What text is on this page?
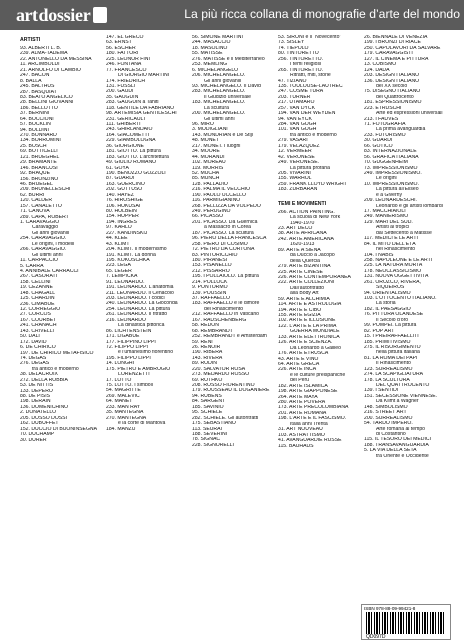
art dossier	La più ricca collana di monografie d’arte del mondo
ARTISTI
93. ALBERTI L. B.
239. ALMA-TADEMA
22. ANTONELLO DA MESSINA
11. ARCIMBOLDI
21. ARNOLFO DI CAMBIO
247. BACON
8. BALLA
245. BALTHUS
287. BASQUIAT
83. BEATO ANGELICO
28. BELLINI GIOVANNI
186. BELLOTTO
37. BERNINI
64. BOCCIONI
57. BÖCKLIN
94. BOLDINI
270. BONNARD
134. BORROMINI
25. BOSCH
69. BOTTICELLI
121. BRUEGHEL
29. BRAMANTE
146. BRANCUSI
92. BRAQUE
156. BRONZINO
46. BRUEGEL
209. BRUNELLESCHI
62. BURRI
120. CALDER
157. CANALETTO
71. CANOVA
289. CAPA, ROBERT
1. CARAVAGGIO
Caravaggio
Gli anni giovanili
254. CARAVAGGIO.
Le origini, i modelli
266. CARAVAGGIO.
Gli ultimi anni
11. CARPACCIO
5. CARRÀ
4. ANNIBALE CARRACCI
267. CASORATI
158. CELLINI
19. CÉZANNE
148. CHAGALL
125. CHARDIN
236. CIMABUE
12. CORREGGIO
27. CORCOS
167. COURBET
241. CRANACH
143. CRIVELLI
50. DALÍ
172. DAVID
6. DE CHIRICO
197. DE CHIRICO METAFISICO
74. DEGAS
276. DEGAS
tra antico e moderno
38. DELACROIX
272. DELLA ROBBIA
53. DE NITTIS
133. DEPERO
88. DE PISIS
198. DERAIN
136. DOMENICHINO
2. DONATELLO
205. DOSSO DOSSI
162. DUBUFFET
152. DUCCIO DI BUONINSEGNA
70. DUCHAMP
30. DÜRER
147. EL GRECO
63. ERNST
56. ESCHER
180. FATTORI
225. LEONOR FINI
246. FONTANA
77. FRANCESCO
DI GIORGIO MARTINI
174. FRIEDRICH
131. FÜSSLI
200. GAUDÍ
35. GAUGUIN
283. GAUGUIN a Tahiti
118. GENTILE DA FABRIANO
98. ARTEMISIA GENTILESCHI
231. GÉRICAULT
111. GHIBERTI
243. GHIRLANDAIO
164. GIACOMETTI
229. GIAMBOLOGNA
36. GIORGIONE
181. GIOTTO. La pittura
183. GIOTTO. L'architettura
49. GIULIO ROMANO
61. GOYA
190. BENOZZO GOZZOLI
87. GUARDI
163. GUERCINO
202. GUTTUSO
140. HAYEZ
76. HIROSHIGE
106. HOKUSAI
80. HOLBEIN
154. HOPPER
194. INGRES
97. KAHLO
227. KANDINSKIJ
44. KLEE
43. KLIMT
204. KLIMT. Il modernismo
191. KLIMT. La donna
195. KOKOSCHKA
223. LEGA
65. LÉGER
7. LEMPICKA
91. LEONARDO.
191. LEONARDO. L'anatomia
211. LEONARDO. Il Cenacolo
203. LEONARDO. I codici
240. LEONARDO. La Gioconda
254. LEONARDO. La pittura
261. LEONARDO. Il ritratto
216. LEONARDO
La dinastica pittorica
86. LICHTENSTEIN
171. LIGABUE
177. FILIPPINO LIPPI
72. FILIPPO LIPPI
e l'umanesimo fiorentino
195. FILIPPO LIPPI
14. LONGHI
175. PIETRO E AMBROGIO
LORENZETTI
17. LOTTO
75. LOTTO. I simboli
54. MAGRITTE
269. MALEVIC
64. MANET
233. MAN RAY
35. MANTEGNA
270. MANTEGNA
e la corte di Mantova
184. MANZÙ
56. SIMONE MARTINI
244. MASACCIO
18. MASOLINO
55. MATISSE
276. MATISSE e il Mediterraneo
253. MEMLING
6. MICHELANGELO
206. MICHELANGELO.
Gli anni giovanili
93. MICHELANGELO. Il David
283. MICHELANGELO.
Il Giudizio universale
183. MICHELANGELO.
La scultura
200. MICHELANGELO.
Gli ultimi anni
96. MIRÓ
3. MODIGLIANI
143. MONDRIAN e De Stijl
48. MONET
217. MONET. I luoghi
34. MOORE
44. MORANDI
102. MOREAU
119. MORRIS
52. MUCHA
85. MUNCH
128. PALLADIO
216. PALMA IL VECCHIO
190. PAOLO UCCELLO
116. PARMIGIANINO
268. PELLIZZA DA VOLPEDO
249. PERUGINO
66. PICASSO
201. PICASSO. Da Guernica
a Massacro in Corea
187. PICASSO. La scultura
96. PIERO DELLA FRANCESCA
258. PIERO DI COSIMO
72. PIETRO DA CORTONA
83. PINTORICCHIO
180. PIRANESI
153. PISANELLO
212. PISSARRO
195. I POLLAIOLO. La pittura
214. POLLOCK
9. PONTORMO
139. POUSSIN
37. RAFFAELLO
183. RAFFAELLO e le dimore
del Rinascimento
212. RAFFAELLO in Vaticano
167. RAUSCHENBERG
58. REDON
68. REMBRANDT
252. REMBRANDT e Amsterdam
59. RENI
26. RENOIR
190. RIBERA
143. RIVERA
89. RODIN
220. SALVATOR ROSA
273. MEDARDO ROSSO
69. ROTHKO
208. ROSSO FIORENTINO
179. ROUSSEAU IL DOGANIERE
94. RUBENS
84. SARGENT
185. SAVINIO
95. SCHIELE
282. SCHIELE. Gli autoritratti
175. SEBASTIANO
113. SEURAT
188. SEVERINI
78. SIGNAC
228. SIGNORELLI
53. SIRONI e il “Novecento”
73. SISLEY
74. TIEPOLO
80. TINTORETTO
256. TINTORETTO.
I temi religiosi
265. TINTORETTO.
Ritratti, miti, storie
47. TIZIANO
135. TOULOUSE-LAUTREC
247. COSMÈ TURA
203. TURNER
217. UTAMARO
257. VAN DYCK
194. VAN DER WEYDEN
94. VAN EYCK
284. VAN GOGH
101. VAN GOGH
tra antico e moderno
279. VASARI
179. VELÁZQUEZ
12. VERMEER
42. VERONESE
249. VERONESE.
La pittura profana
205. VIVARINI
155. WARHOL
259. FRANK LLOYD WRIGHT
183. ZURBARÁN
TEMI E MOVIMENTI
266. ACTION PAINTING.
La scuola di New York
1940-1970
23. ART DÉCO
38. ARTE AFRICANA
242. ARTE AMERICANA
1620-1913
89. ARTE A SIENA
da Duccio a Jacopo
della Quercia
279. ARTE BIZANTINA
225. ARTE CINESE
226. ARTE CONTEMPORANEA
222. ARTE COLLEZIONI
Dall'autoritratto
alla Body Art
59. ARTE E ALCHIMIA
114. ARTE E ASTROLOGIA
194. ARTE E CIBO
155. ARTE EGIZIA
102. ARTE E ILLUSIONE
122. L'ARTE E LA PRIMA
GUERRA MONDIALE
133. ARTE ELETTRONICA
126. ARTE E SCIENZA.
Da Leonardo a Galileo
176. ARTE ETRUSCA
43. ARTE E VINO
64. ARTE GRECA
226. ARTE INCA
e le culture preispaniche
del Perú
182. ARTE ISLAMICA
198. ARTE GIAPPONESE
264. ARTE MAYA
280. ARTE POVERA
173. ARTE PRECOLOMBIANA
201. ARTE ROMANA
198. L'ARTE E IL FASCISMO.
Italia anni Trenta
31. ART NOUVEAU
103. ASTRATTISMO
41. AVANGUARDIE RUSSE
115. BAUHAUS
26. BIENNALE DI VENEZIA
199. I BRONZI DI RIACE
250. CAPOLAVORI DA SALVARE
179. CARAVAGGISTI
127. IL CINEMA E PITTURA
13. CUBISMO
124. DADA
203. DESIGN ITALIANO
136. DESIGN ITALIANO
del XX secolo
75. DISEGNO ITALIANO
del Quattrocento
181. ESPRESSIONISMO
223. ETRUSCHI
Arte ed espressioni universali
213. I FAUVES
71. FOTOGRAFIA
La prima avanguardia
233. FUTURISMO
30. GUARDI
66. GOTICO
83. INTERNAZIONALE
56. GRAFICA ITALIANA
70. GUGGENHEIM
73. IMPRESSIONISMO
249. IMPRESSIONISMO.
Le origini
10. IMPRESSIONISMO.
La pittura all'Eliseo
e a Giverny
209. LEONARDESCHI.
Leonardo e gli artisti lombardi
17. MACCHIAIOLI
249. MANIERISMO
129. MARI DEL SUD.
Artisti ai tropici
dal Settecento a Matisse
117. MEDICI E LE ARTI
84. IL MITO DELL'ETÀ
nel Rinascimento
104. I NABIS
258. NAPOLEONE E LE ARTI
225. LA NATURA MORTA
178. NEOCLASSICISMO
131. NUOVA OGGETTIVITÀ
261. OROZCO, RIVERA,
SIQUEIROS
94. ORIENTALISMO
103. L'OTTOCENTO ITALIANO.
La storia
182. IL PAESAGGIO
76. PITTURA OLANDESE
Il Secolo d'oro
99. POMPEI. La pittura
82. POP ART
15. I PREIRAFFAELLITI
185. PRIMITIVISMO
275. IL RISORGIMENTO
nella pittura italiana
81. LA ROMA DEI PAPI
Il Rinascimento
123. SURREALISMO
274. LA SCAPIGLIATURA
178. LA SCULTURA
DEL QUATTROCENTO
139. I SENTIDI
151. SECESSIONE VIENNESE.
Da Klimt a Wagner
148. SIMBOLISMO
216. STREET ART
200. SURREALISMO
54. TARDO IMPERO.
Arte romana al tempo
di Costantino
115. IL TESORO DEI MEDICI
188. TRANSAVANGUARDIA
5. LA VIA DELLA SETA
tra Oriente e Occidente
ISBN 978-88-09-99421-8
QD097D
